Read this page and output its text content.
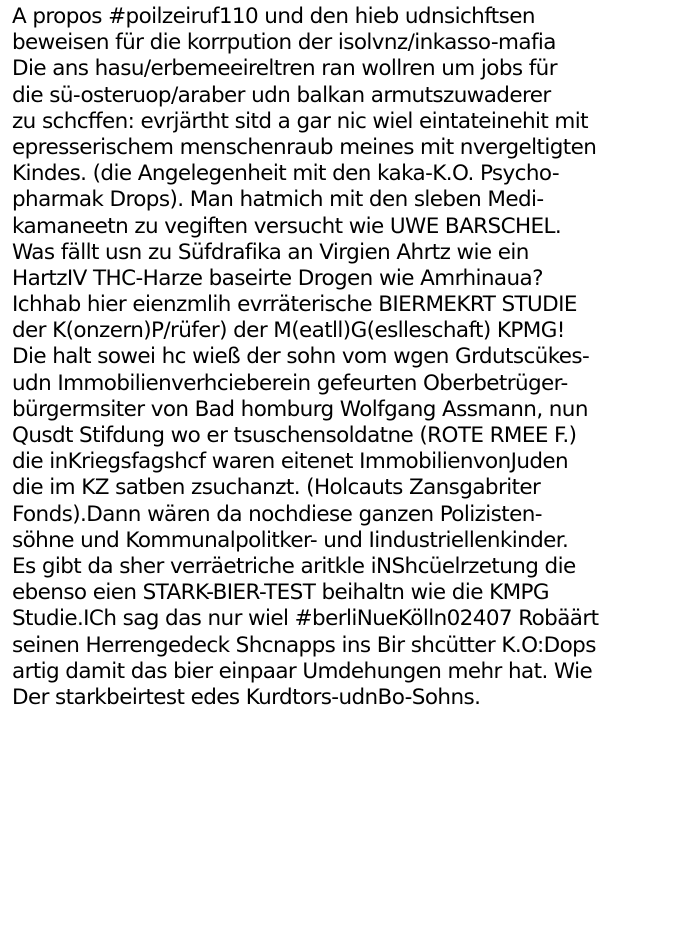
A propos #poilzeiruf110 und den hieb udnsichftsen
beweisen für die korrpution der isolvnz/inkasso-mafia
Die ans hasu/erbemeeireltren ran wollren um jobs für
die sü-osteruop/araber udn balkan armutszuwaderer
zu schcffen: evrjärtht sitd a gar nic wiel eintateinehit mit
epresserischem menschenraub meines mit nvergeltigten
Kindes. (die Angelegenheit mit den kaka-K.O. Psycho-
pharmak Drops). Man hatmich mit den sleben Medi-
kamaneetn zu vegiften versucht wie UWE BARSCHEL.
Was fällt usn zu Süfdrafika an Virgien Ahrtz wie ein
HartzIV THC-Harze baseirte Drogen wie Amrhinaua?
Ichhab hier eienzmlih evrräterische BIERMEKRT STUDIE
der K(onzern)P/rüfer) der M(eatll)G(eslleschaft) KPMG!
Die halt sowei hc wieß der sohn vom wgen Grdutscükes-
udn Immobilienverhcieberein gefeurten Oberbetrüger-
bürgermsiter von Bad homburg Wolfgang Assmann, nun
Qusdt Stifdung wo er tsuschensoldatne (ROTE RMEE F.)
die inKriegsfagshcf waren eitenet ImmobilienvonJuden
die im KZ satben zsuchanzt. (Holcauts Zansgabriter
Fonds).Dann wären da nochdiese ganzen Polizisten-
söhne und Kommunalpolitker- und Iindustriellenkinder.
Es gibt da sher verräetriche aritkle iNShcüelrzetung die
ebenso eien STARK-BIER-TEST beihaltn wie die KMPG
Studie.ICh sag das nur wiel #berliNueKölln02407 Robäärt
seinen Herrengedeck Shcnapps ins Bir shcütter K.O:Dops
artig damit das bier einpaar Umdehungen mehr hat. Wie
Der starkbeirtest edes Kurdtors-udnBo-Sohns.
